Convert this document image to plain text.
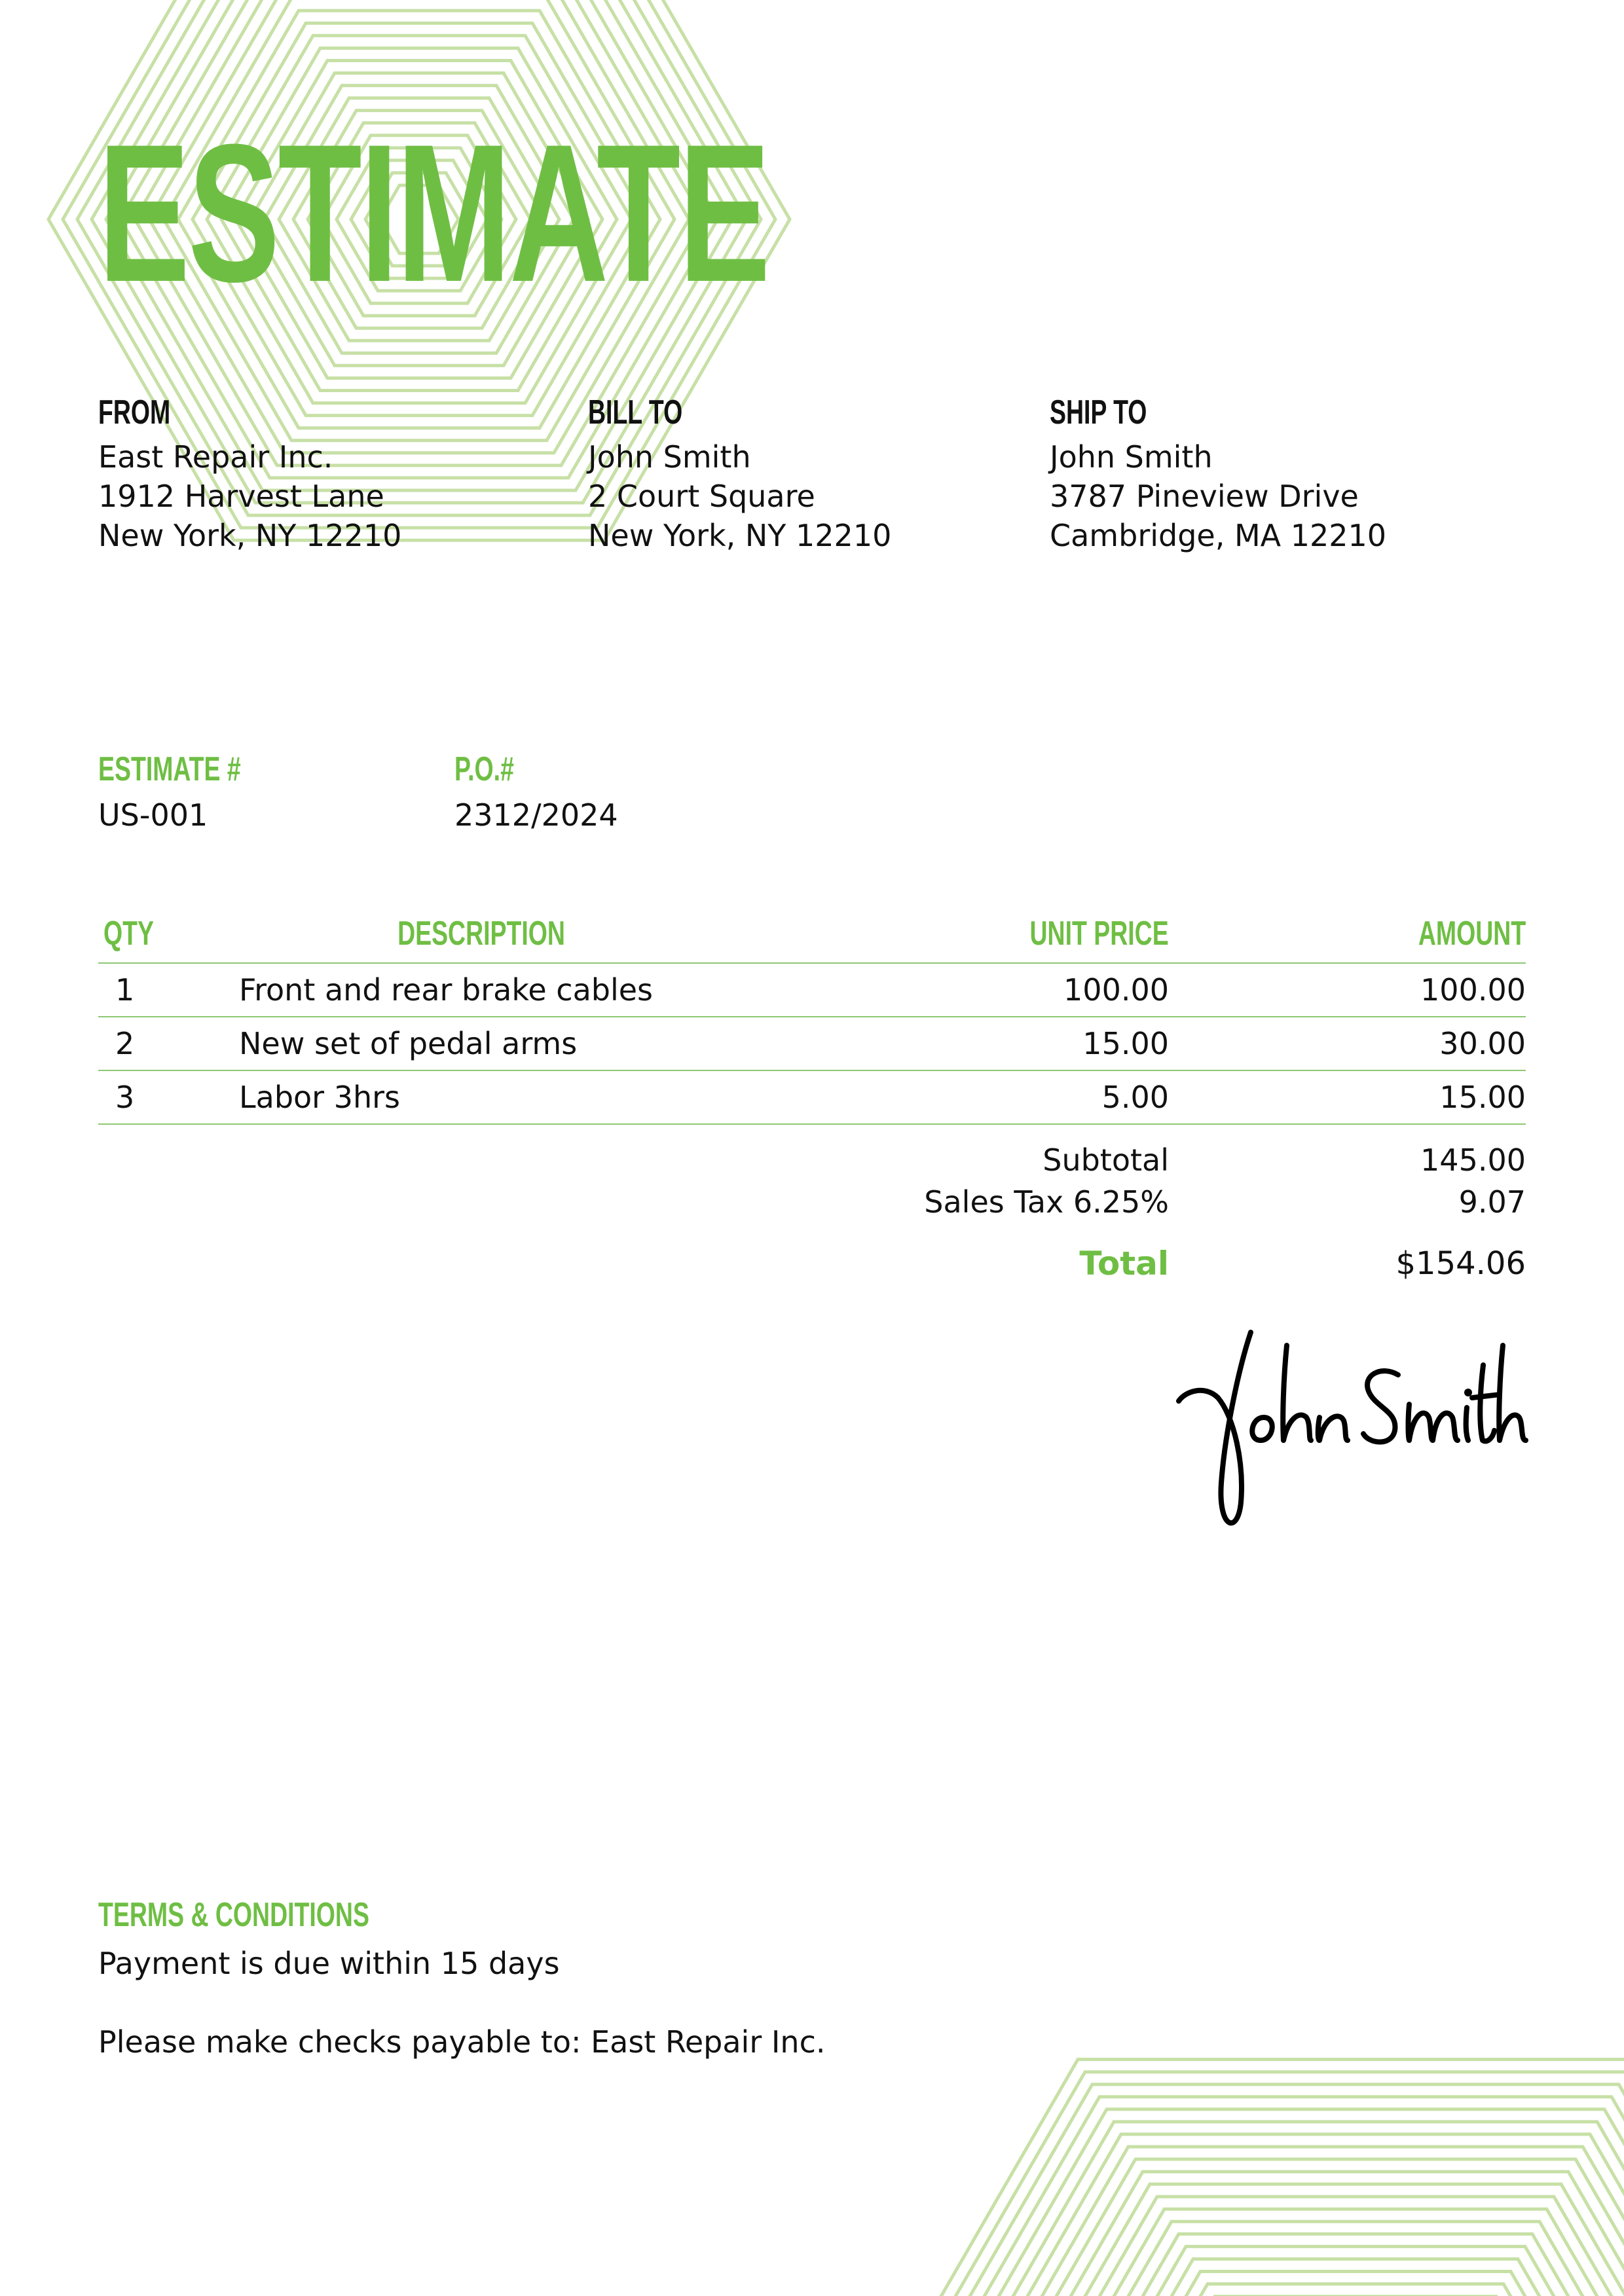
ESTIMATE
FROM
East Repair Inc.
1912 Harvest Lane
New York, NY 12210
BILL TO
John Smith
2 Court Square
New York, NY 12210
SHIP TO
John Smith
3787 Pineview Drive
Cambridge, MA 12210
ESTIMATE #
US-001
P.O.#
2312/2024
QTY	DESCRIPTION	UNIT PRICE	AMOUNT
1	Front and rear brake cables	100.00	100.00
2	New set of pedal arms	15.00	30.00
3	Labor 3hrs	5.00	15.00
Subtotal	145.00
Sales Tax 6.25%	9.07
Total	$154.06
TERMS & CONDITIONS
Payment is due within 15 days
Please make checks payable to: East Repair Inc.
